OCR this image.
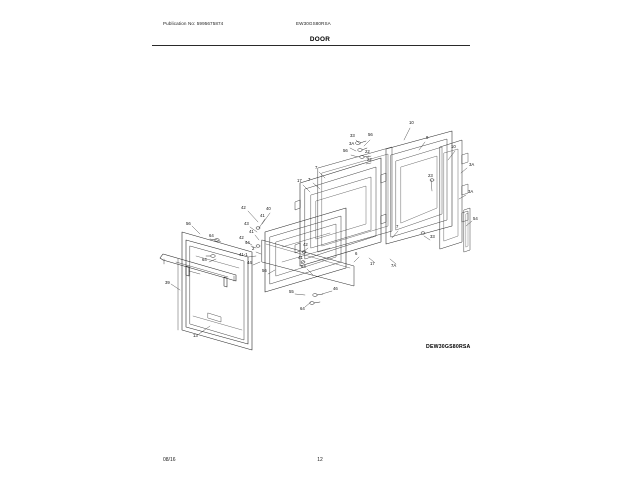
Publication No: 5995675874	EW30GS80RSA
DOOR
10
9
10
33	56
3A
56	22
3A
7
22
23
17 7
3A
54
7
42	40
41
43
56
33
41
42
64
42
44
41-1
2
41
6
17	7A
64
44
56
64
39
55
46
64
13
DEW30GS80RSA
08/16	12
